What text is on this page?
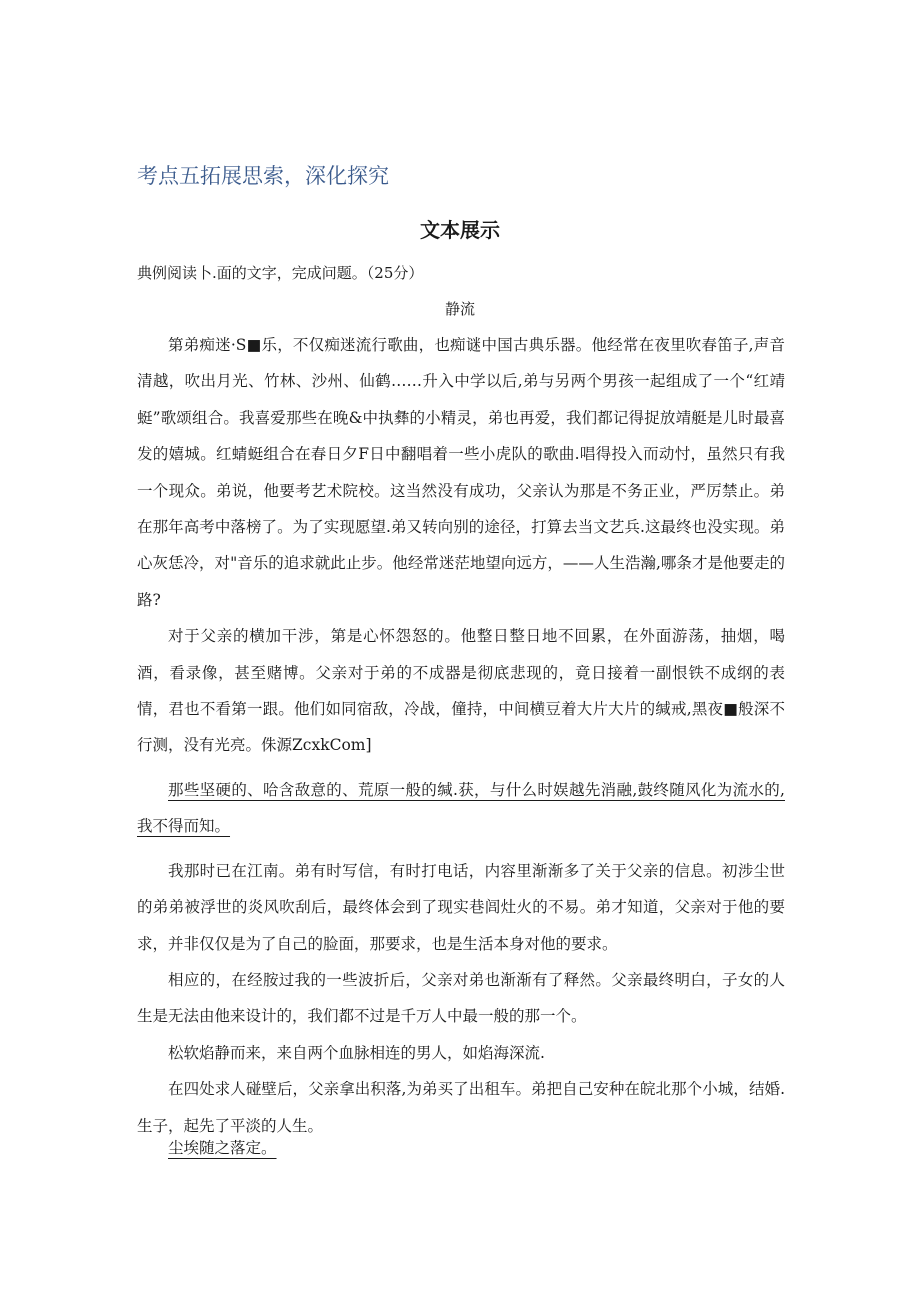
考点五拓展思索，深化探究
文本展示
典例阅读卜.面的文字，完成问题。（25分）
静流

第弟痴迷·S■乐，不仅痴迷流行歌曲，也痴谜中国古典乐器。他经常在夜里吹春笛子,声音清越，吹出月光、竹林、沙州、仙鹤……升入中学以后,弟与另两个男孩一起组成了一个“红靖蜓”歌颂组合。我喜爱那些在晚&中执彝的小精灵，弟也再爱，我们都记得捉放靖艇是儿时最喜发的嬉城。红蜻蜓组合在春日夕F日中翻唱着一些小虎队的歌曲.唱得投入而动忖，虽然只有我一个现众。弟说，他要考艺术院校。这当然没有成功，父亲认为那是不务正业，严厉禁止。弟在那年高考中落榜了。为了实现愿望.弟又转向别的途径，打算去当文艺兵.这最终也没实现。弟心灰恁冷，对"音乐的追求就此止步。他经常迷茫地望向远方，——人生浩瀚,哪条才是他要走的路?

对于父亲的横加干涉，第是心怀怨怒的。他整日整日地不回累，在外面游荡，抽烟，喝酒，看录像，甚至赌博。父亲对于弟的不成器是彻底悲现的，竟日接着一副恨铁不成纲的表情，君也不看第一跟。他们如同宿敌，冷战，僮持，中间横豆着大片大片的缄戒,黑夜■般深不行测，没有光亮。侏源ZcxkCom]

那些坚硬的、哈含敌意的、荒原一般的缄.获，与什么时娱越先消融,鼓终随风化为流水的,我不得而知。

我那时已在江南。弟有时写信，有时打电话，内容里渐渐多了关于父亲的信息。初涉尘世的弟弟被浮世的炎风吹刮后，最终体会到了现实巷闾灶火的不易。弟才知道，父亲对于他的要求，并非仅仅是为了自己的脸面，那要求，也是生活本身对他的要求。

相应的，在经胺过我的一些波折后，父亲对弟也渐渐有了释然。父亲最终明白，子女的人生是无法由他来设计的，我们都不过是千万人中最一般的那一个。

松软焰静而来，来自两个血脉相连的男人，如焰海深流.

在四处求人碰壁后，父亲拿出积落,为弟买了出租车。弟把自己安种在皖北那个小城，结婚.生子，起先了平淡的人生。

尘埃随之落定。
